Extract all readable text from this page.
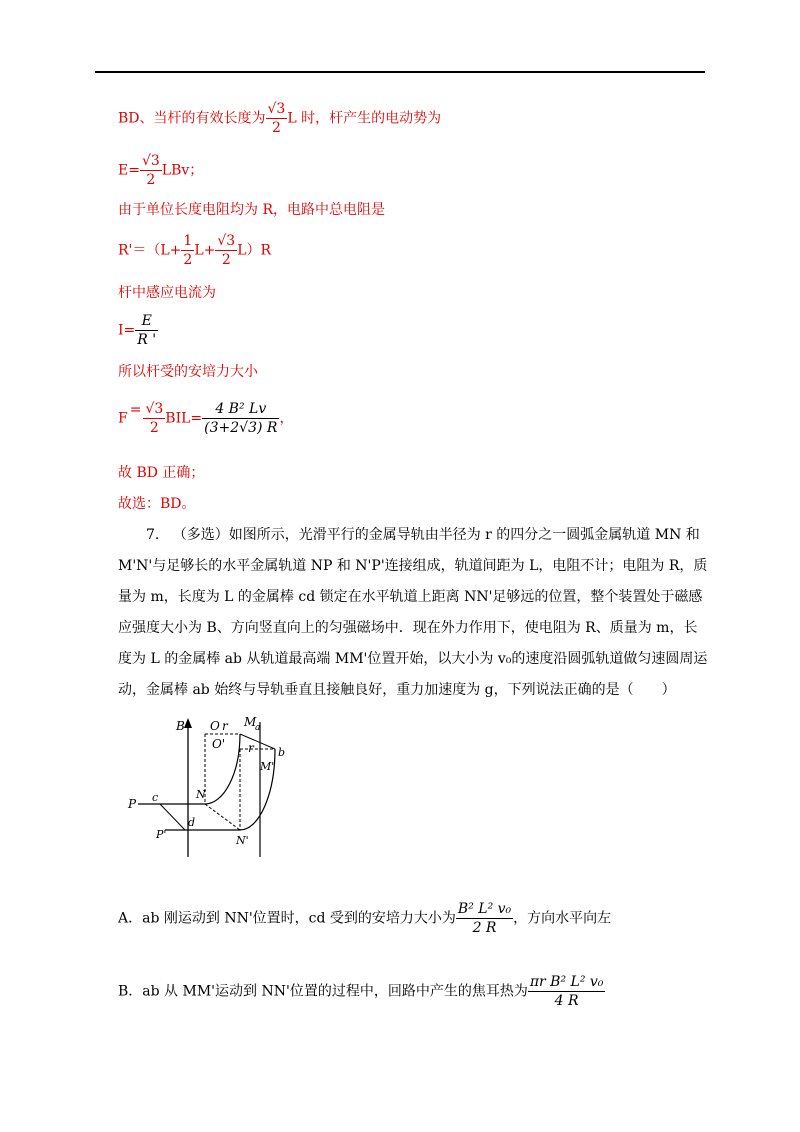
BD、当杆的有效长度为 $\frac{√3}{2}$ L 时，杆产生的电动势为
$E= \frac{√3}{2}$ LBv；
由于单位长度电阻均为 R，电路中总电阻是
$R'=(L+ \frac{1}{2} L+ \frac{√3}{2} L)R$
杆中感应电流为
$I= \frac{E}{R '}$
所以杆受的安培力大小
F
= $\frac{√3}{2} BIL= \frac{\text{4 B² Lv}}{(3+2√3) R}$ ，
故 BD 正确；
故选：BD。
7. （多选）如图所示，光滑平行的金属导轨由半径为 r 的四分之一圆弧金属轨道 MN 和 M'N'与足够长的水平金属轨道 NP 和 N'P'连接组成，轨道间距为 L，电阻不计；电阻为 R，质量为 m，长度为 L 的金属棒 cd 锁定在水平轨道上距离 NN'足够远的位置，整个装置处于磁感应强度大小为 B、方向竖直向上的匀强磁场中．现在外力作用下，使电阻为 R、质量为 m，长度为 L 的金属棒 ab 从轨道最高端 MM'位置开始，以大小为 v₀的速度沿圆弧轨道做匀速圆周运动，金属棒 ab 始终与导轨垂直且接触良好，重力加速度为 g，下列说法正确的是（　　）
B O r M
a
O' r b
M'
P c	N
d
P'	N'
A．ab 刚运动到 NN'位置时，cd 受到的安培力大小为 $\frac{\text{B² L² v₀}}{2 R}$ ，方向水平向左
B．ab 从 MM'运动到 NN'位置的过程中，回路中产生的焦耳热为 $\frac{\text{πr B² L² v₀}}{4 R}$
